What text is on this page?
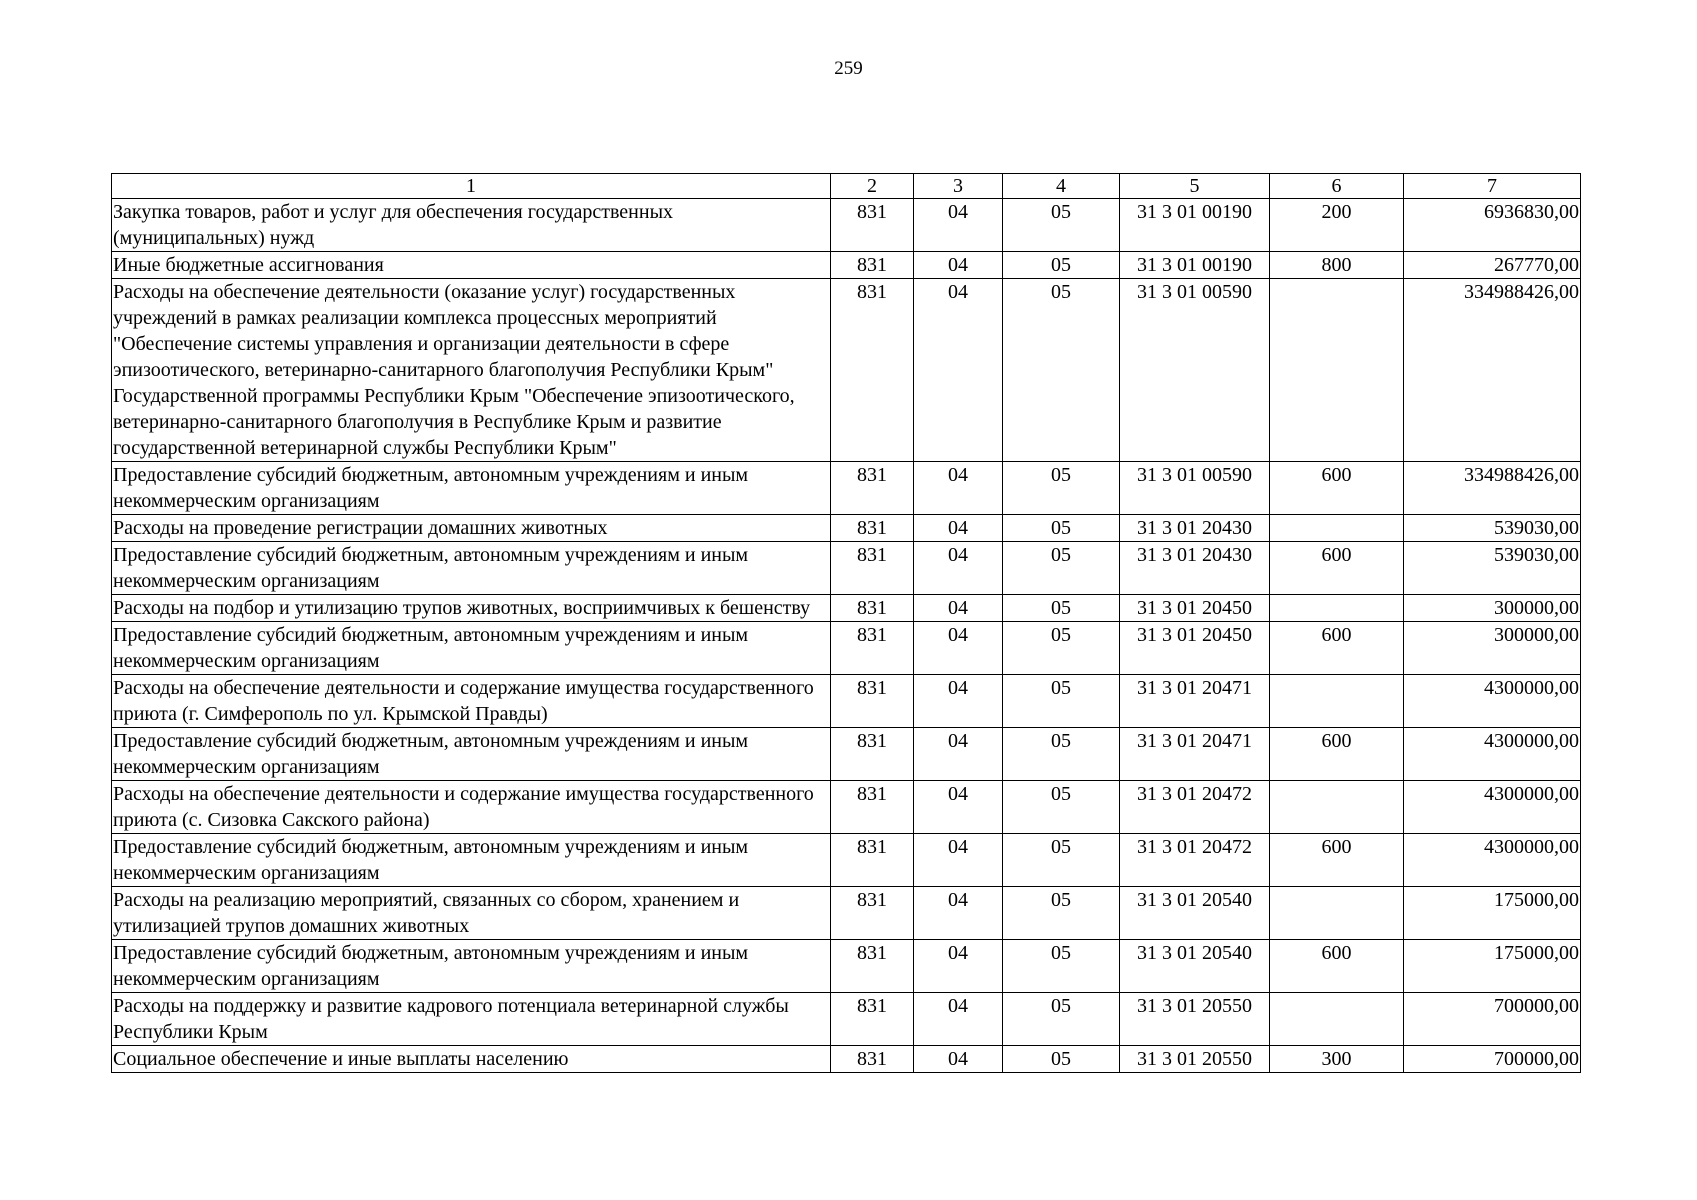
259
1	2	3	4	5	6	7
Закупка товаров, работ и услуг для обеспечения государственных (муниципальных) нужд	831	04	05	31 3 01 00190	200	6936830,00
Иные бюджетные ассигнования	831	04	05	31 3 01 00190	800	267770,00
Расходы на обеспечение деятельности (оказание услуг) государственных учреждений в рамках реализации комплекса процессных мероприятий "Обеспечение системы управления и организации деятельности в сфере эпизоотического, ветеринарно-санитарного благополучия Республики Крым" Государственной программы Республики Крым "Обеспечение эпизоотического, ветеринарно-санитарного благополучия в Республике Крым и развитие государственной ветеринарной службы Республики Крым"	831	04	05	31 3 01 00590		334988426,00
Предоставление субсидий бюджетным, автономным учреждениям и иным некоммерческим организациям	831	04	05	31 3 01 00590	600	334988426,00
Расходы на проведение регистрации домашних животных	831	04	05	31 3 01 20430		539030,00
Предоставление субсидий бюджетным, автономным учреждениям и иным некоммерческим организациям	831	04	05	31 3 01 20430	600	539030,00
Расходы на подбор и утилизацию трупов животных, восприимчивых к бешенству	831	04	05	31 3 01 20450		300000,00
Предоставление субсидий бюджетным, автономным учреждениям и иным некоммерческим организациям	831	04	05	31 3 01 20450	600	300000,00
Расходы на обеспечение деятельности и содержание имущества государственного приюта (г. Симферополь по ул. Крымской Правды)	831	04	05	31 3 01 20471		4300000,00
Предоставление субсидий бюджетным, автономным учреждениям и иным некоммерческим организациям	831	04	05	31 3 01 20471	600	4300000,00
Расходы на обеспечение деятельности и содержание имущества государственного приюта (с. Сизовка Сакского района)	831	04	05	31 3 01 20472		4300000,00
Предоставление субсидий бюджетным, автономным учреждениям и иным некоммерческим организациям	831	04	05	31 3 01 20472	600	4300000,00
Расходы на реализацию мероприятий, связанных со сбором, хранением и утилизацией трупов домашних животных	831	04	05	31 3 01 20540		175000,00
Предоставление субсидий бюджетным, автономным учреждениям и иным некоммерческим организациям	831	04	05	31 3 01 20540	600	175000,00
Расходы на поддержку и развитие кадрового потенциала ветеринарной службы Республики Крым	831	04	05	31 3 01 20550		700000,00
Социальное обеспечение и иные выплаты населению	831	04	05	31 3 01 20550	300	700000,00
